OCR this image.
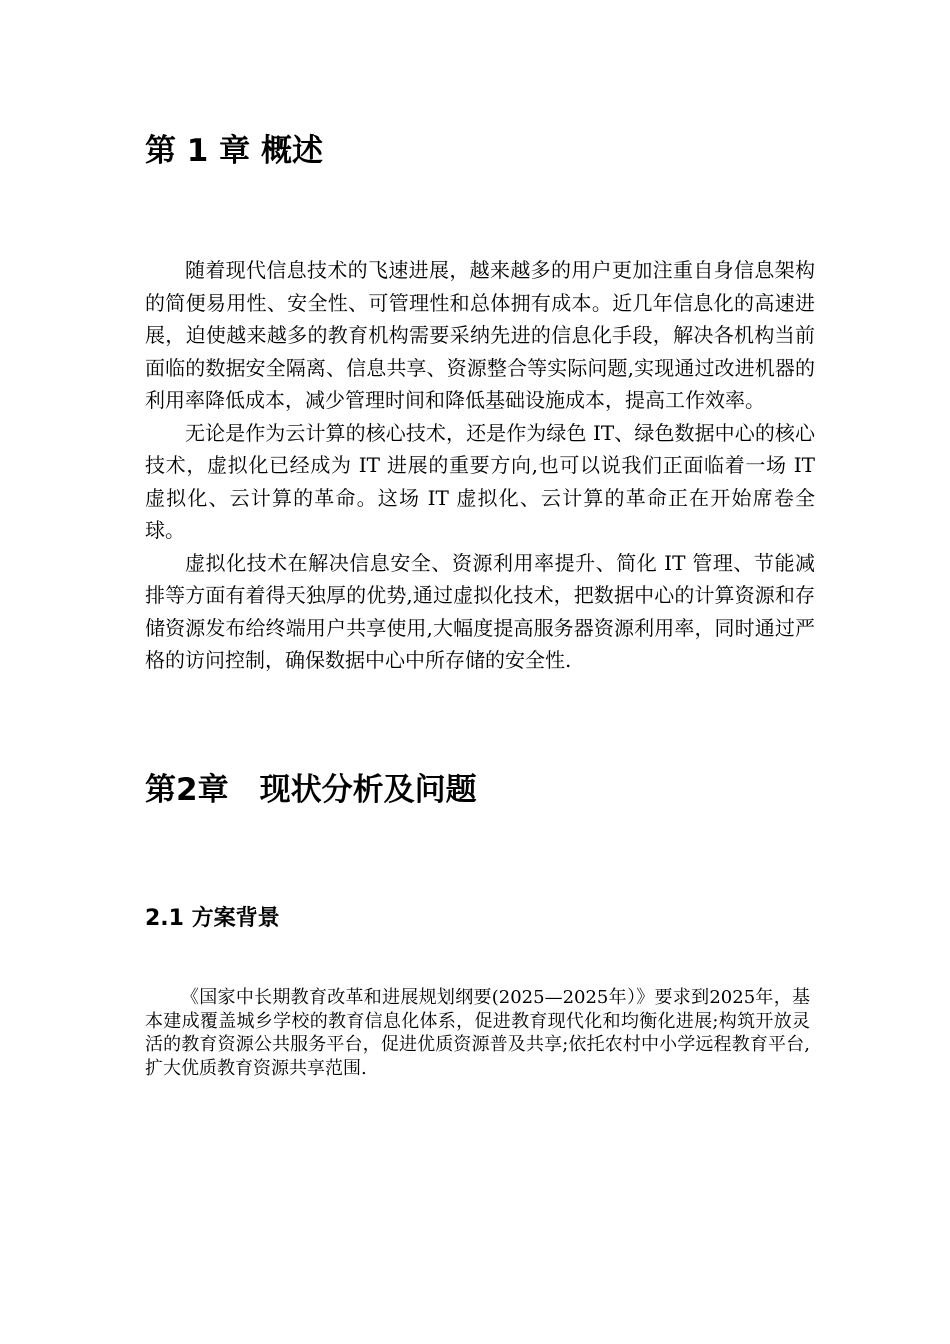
第 1 章 概述

随着现代信息技术的飞速进展，越来越多的用户更加注重自身信息架构的简便易用性、安全性、可管理性和总体拥有成本。近几年信息化的高速进展，迫使越来越多的教育机构需要采纳先进的信息化手段，解决各机构当前面临的数据安全隔离、信息共享、资源整合等实际问题,实现通过改进机器的利用率降低成本，减少管理时间和降低基础设施成本，提高工作效率。

无论是作为云计算的核心技术，还是作为绿色 IT、绿色数据中心的核心技术，虚拟化已经成为 IT 进展的重要方向,也可以说我们正面临着一场 IT 虚拟化、云计算的革命。这场 IT 虚拟化、云计算的革命正在开始席卷全球。

虚拟化技术在解决信息安全、资源利用率提升、简化 IT 管理、节能减排等方面有着得天独厚的优势,通过虚拟化技术，把数据中心的计算资源和存储资源发布给终端用户共享使用,大幅度提高服务器资源利用率，同时通过严格的访问控制，确保数据中心中所存储的安全性.

第2章　现状分析及问题
2.1 方案背景

《国家中长期教育改革和进展规划纲要(2025—2025年）》要求到2025年，基本建成覆盖城乡学校的教育信息化体系，促进教育现代化和均衡化进展;构筑开放灵活的教育资源公共服务平台，促进优质资源普及共享;依托农村中小学远程教育平台,扩大优质教育资源共享范围.
